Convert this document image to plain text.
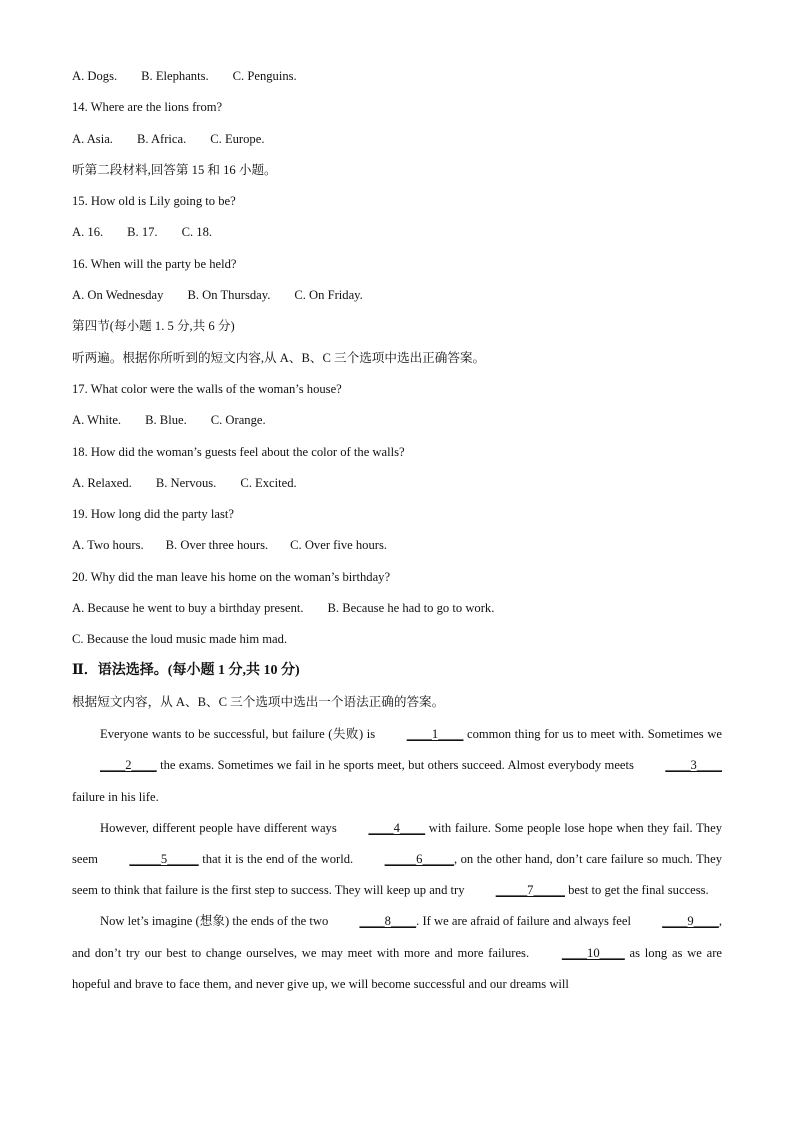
A. Dogs. B. Elephants. C. Penguins.
14. Where are the lions from?
A. Asia. B. Africa. C. Europe.
听第二段材料,回答第 15 和 16 小题。
15. How old is Lily going to be?
A. 16. B. 17. C. 18.
16. When will the party be held?
A. On Wednesday B. On Thursday. C. On Friday.
第四节(每小题 1. 5 分,共 6 分)
听两遍。根据你所听到的短文内容,从 A、B、C 三个选项中选出正确答案。
17. What color were the walls of the woman’s house?
A. White. B. Blue. C. Orange.
18. How did the woman’s guests feel about the color of the walls?
A. Relaxed. B. Nervous. C. Excited.
19. How long did the party last?
A. Two hours. B. Over three hours. C. Over five hours.
20. Why did the man leave his home on the woman’s birthday?
A. Because he went to buy a birthday present. B. Because he had to go to work.
C. Because the loud music made him mad.
Ⅱ．语法选择。(每小题 1 分,共 10 分)
根据短文内容，从 A、B、C 三个选项中选出一个语法正确的答案。
Everyone wants to be successful, but failure (失败) is ____1____ common thing for us to meet with. Sometimes we ____2____ the exams. Sometimes we fail in he sports meet, but others succeed. Almost everybody meets ____3____ failure in his life.
However, different people have different ways ____4____ with failure. Some people lose hope when they fail. They seem _____5_____ that it is the end of the world. _____6_____, on the other hand, don’t care failure so much. They seem to think that failure is the first step to success. They will keep up and try _____7_____ best to get the final success.
Now let’s imagine (想象) the ends of the two ____8____. If we are afraid of failure and always feel ____9____, and don’t try our best to change ourselves, we may meet with more and more failures. ____10____ as long as we are hopeful and brave to face them, and never give up, we will become successful and our dreams will
